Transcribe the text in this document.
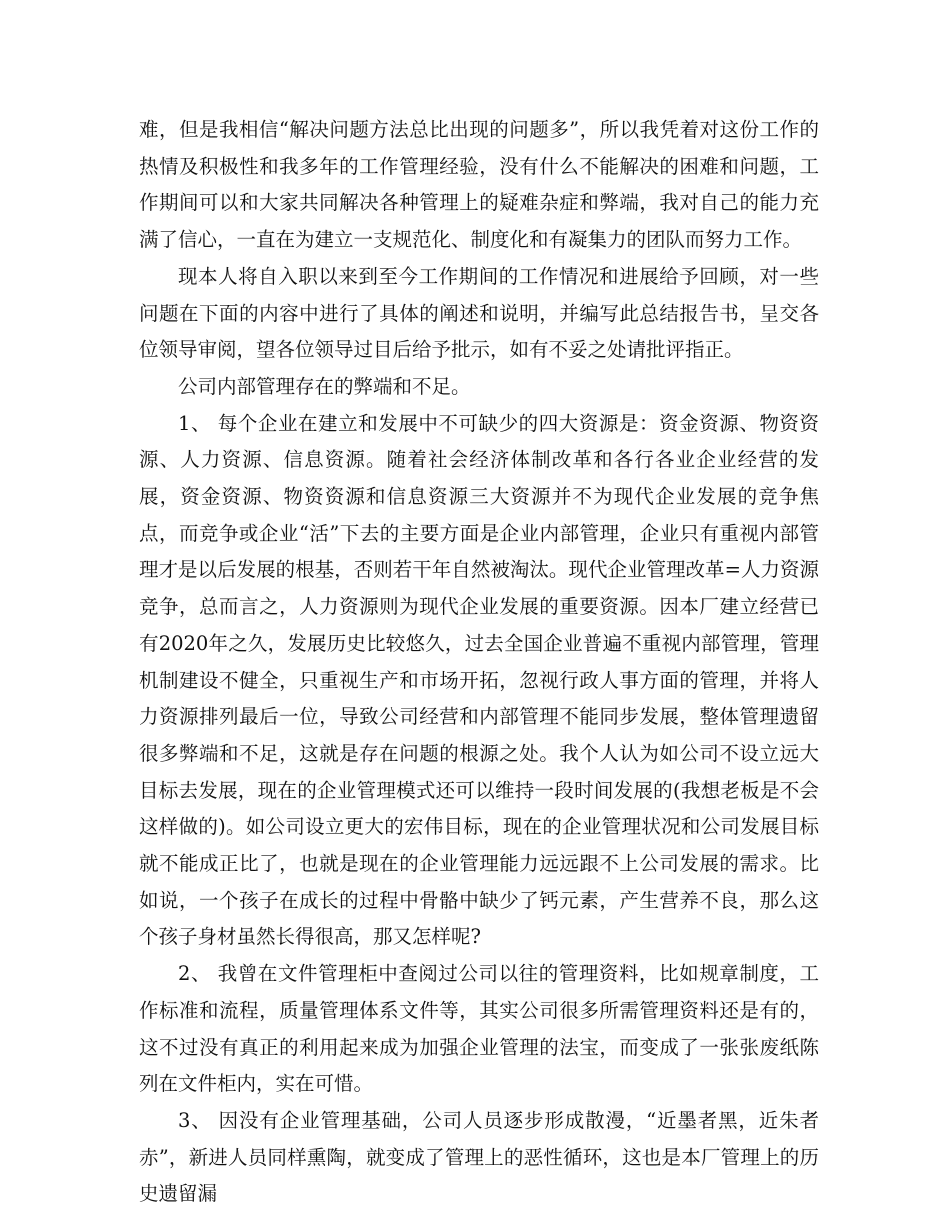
难，但是我相信“解决问题方法总比出现的问题多”，所以我凭着对这份工作的热情及积极性和我多年的工作管理经验，没有什么不能解决的困难和问题，工作期间可以和大家共同解决各种管理上的疑难杂症和弊端，我对自己的能力充满了信心，一直在为建立一支规范化、制度化和有凝集力的团队而努力工作。

现本人将自入职以来到至今工作期间的工作情况和进展给予回顾，对一些问题在下面的内容中进行了具体的阐述和说明，并编写此总结报告书，呈交各位领导审阅，望各位领导过目后给予批示，如有不妥之处请批评指正。

公司内部管理存在的弊端和不足。

1、 每个企业在建立和发展中不可缺少的四大资源是：资金资源、物资资源、人力资源、信息资源。随着社会经济体制改革和各行各业企业经营的发展，资金资源、物资资源和信息资源三大资源并不为现代企业发展的竞争焦点，而竞争或企业“活”下去的主要方面是企业内部管理，企业只有重视内部管理才是以后发展的根基，否则若干年自然被淘汰。现代企业管理改革=人力资源竞争，总而言之，人力资源则为现代企业发展的重要资源。因本厂建立经营已有2020年之久，发展历史比较悠久，过去全国企业普遍不重视内部管理，管理机制建设不健全，只重视生产和市场开拓，忽视行政人事方面的管理，并将人力资源排列最后一位，导致公司经营和内部管理不能同步发展，整体管理遗留很多弊端和不足，这就是存在问题的根源之处。我个人认为如公司不设立远大目标去发展，现在的企业管理模式还可以维持一段时间发展的(我想老板是不会这样做的)。如公司设立更大的宏伟目标，现在的企业管理状况和公司发展目标就不能成正比了，也就是现在的企业管理能力远远跟不上公司发展的需求。比如说，一个孩子在成长的过程中骨骼中缺少了钙元素，产生营养不良，那么这个孩子身材虽然长得很高，那又怎样呢?

2、 我曾在文件管理柜中查阅过公司以往的管理资料，比如规章制度，工作标准和流程，质量管理体系文件等，其实公司很多所需管理资料还是有的，这不过没有真正的利用起来成为加强企业管理的法宝，而变成了一张张废纸陈列在文件柜内，实在可惜。

3、 因没有企业管理基础，公司人员逐步形成散漫，“近墨者黑，近朱者赤”，新进人员同样熏陶，就变成了管理上的恶性循环，这也是本厂管理上的历史遗留漏
